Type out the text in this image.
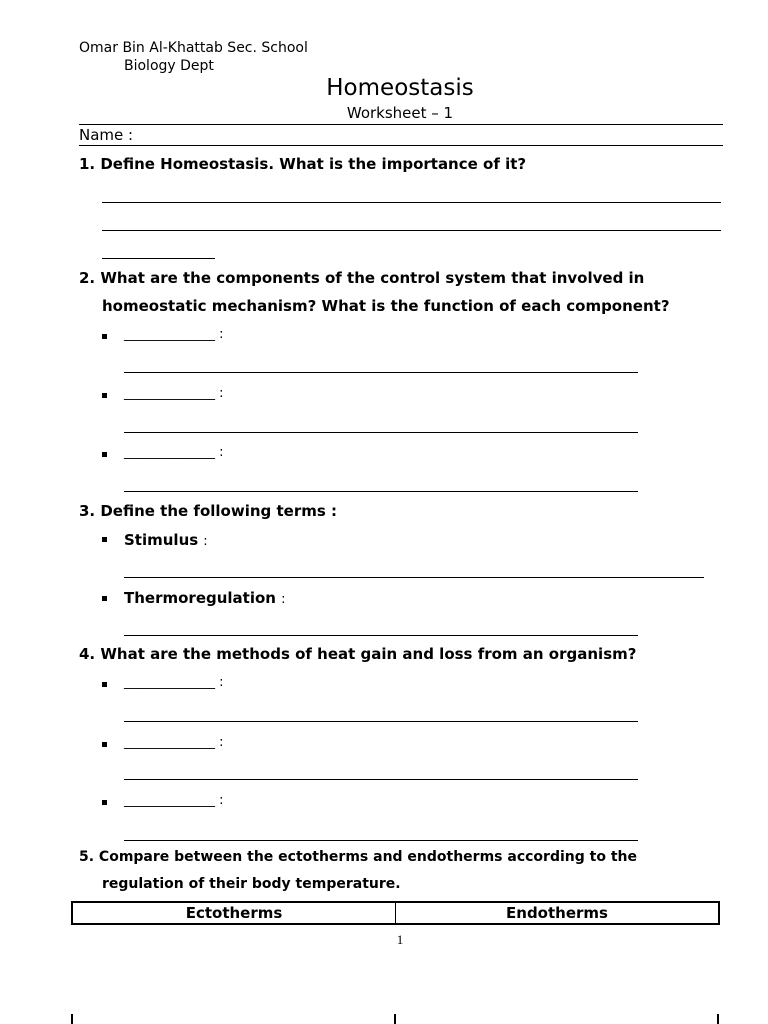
Omar Bin Al-Khattab Sec. School
Biology Dept
Homeostasis
Worksheet – 1
Name :
1. Define Homeostasis. What is the importance of it?
2. What are the components of the control system that involved in
homeostatic mechanism? What is the function of each component?
______________ :
______________ :
______________ :
3. Define the following terms :
Stimulus :
Thermoregulation :
4. What are the methods of heat gain and loss from an organism?
______________ :
______________ :
______________ :
5. Compare between the ectotherms and endotherms according to the
regulation of their body temperature.
Ectotherms	Endotherms
1
